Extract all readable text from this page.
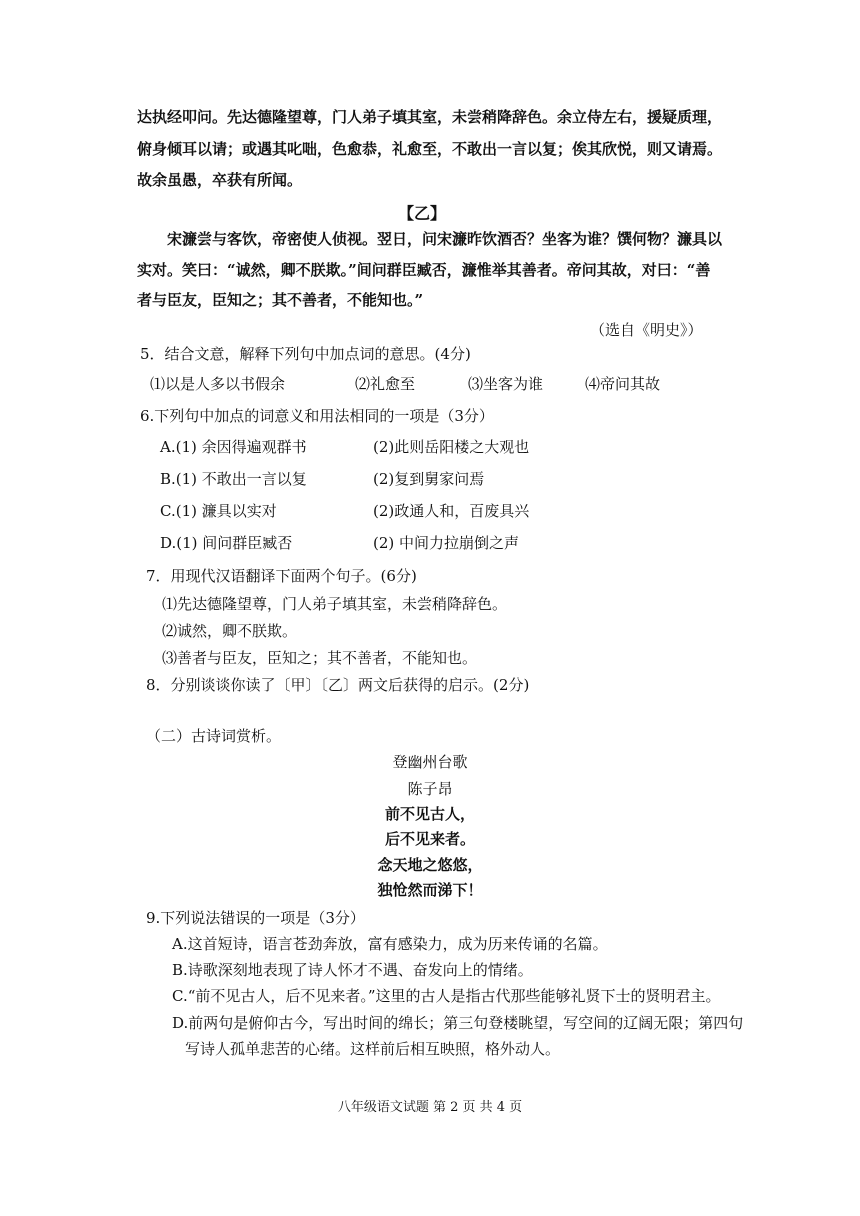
达执经叩问。先达德隆望尊，门人弟子填其室，未尝稍降辞色。余立侍左右，援疑质理，
俯身倾耳以请；或遇其叱咄，色愈恭，礼愈至，不敢出一言以复；俟其欣悦，则又请焉。
故余虽愚，卒获有所闻。
【乙】
宋濂尝与客饮，帝密使人侦视。翌日，问宋濂昨饮酒否？坐客为谁？馔何物？濂具以
实对。笑曰：“诚然，卿不朕欺。”间问群臣臧否，濂惟举其善者。帝问其故，对曰：“善
者与臣友，臣知之；其不善者，不能知也。”
（选自《明史》）
5．结合文意，解释下列句中加点词的意思。(4分)
⑴以是人多以书假余	⑵礼愈至	⑶坐客为谁	⑷帝问其故
6.下列句中加点的词意义和用法相同的一项是（3分）
A.(1) 余因得遍观群书	(2)此则岳阳楼之大观也
B.(1) 不敢出一言以复	(2)复到舅家问焉
C.(1) 濂具以实对	(2)政通人和，百废具兴
D.(1) 间问群臣臧否	(2) 中间力拉崩倒之声
7．用现代汉语翻译下面两个句子。(6分)
⑴先达德隆望尊，门人弟子填其室，未尝稍降辞色。
⑵诚然，卿不朕欺。
⑶善者与臣友，臣知之；其不善者，不能知也。
8．分别谈谈你读了〔甲〕〔乙〕两文后获得的启示。(2分)
（二）古诗词赏析。
登幽州台歌
陈子昂
前不见古人，
后不见来者。
念天地之悠悠，
独怆然而涕下！
9.下列说法错误的一项是（3分）
A.这首短诗，语言苍劲奔放，富有感染力，成为历来传诵的名篇。
B.诗歌深刻地表现了诗人怀才不遇、奋发向上的情绪。
C.“前不见古人，后不见来者。”这里的古人是指古代那些能够礼贤下士的贤明君主。
D.前两句是俯仰古今，写出时间的绵长；第三句登楼眺望，写空间的辽阔无限；第四句
写诗人孤单悲苦的心绪。这样前后相互映照，格外动人。
八年级语文试题 第 2 页 共 4 页
